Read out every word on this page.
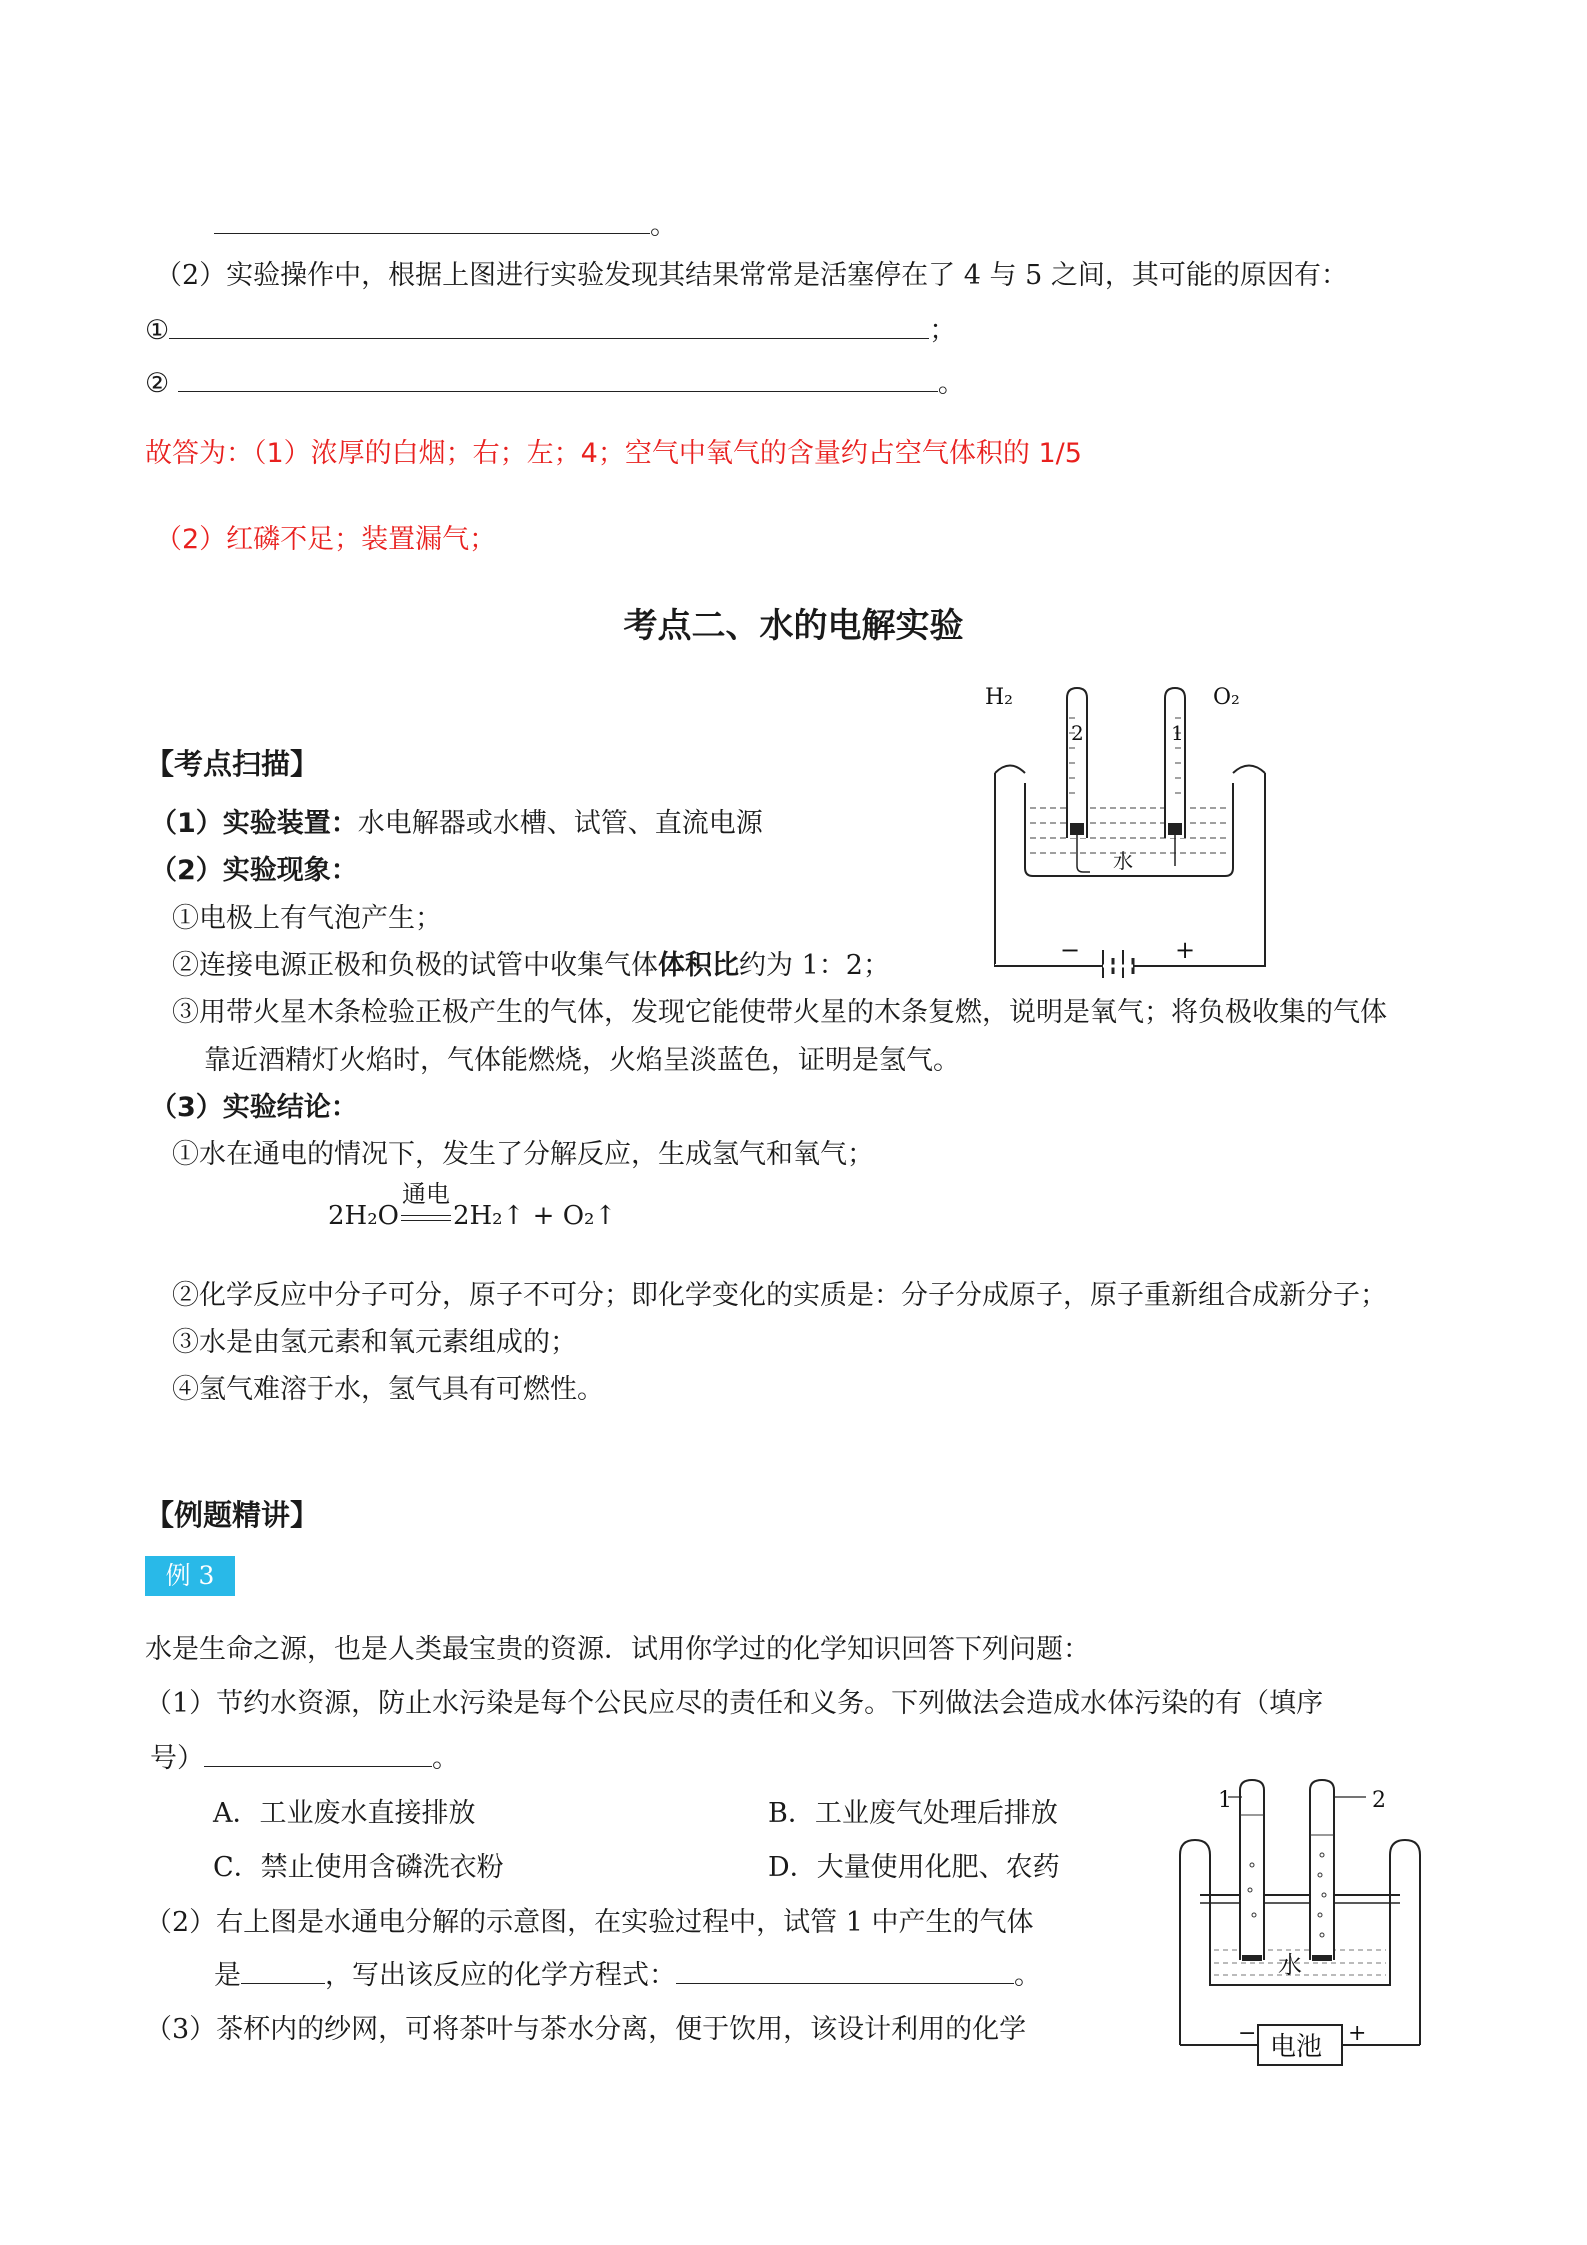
。
（2）实验操作中，根据上图进行实验发现其结果常常是活塞停在了 4 与 5 之间，其可能的原因有：
①	；
②	。
故答为：（1）浓厚的白烟；右；左；4；空气中氧气的含量约占空气体积的 1/5
（2）红磷不足；装置漏气；
考点二、水的电解实验
H₂	O₂
2	1
水
−	+
【考点扫描】
（1）实验装置：水电解器或水槽、试管、直流电源
（2）实验现象：
①电极上有气泡产生；
②连接电源正极和负极的试管中收集气体体积比约为 1：2；
③用带火星木条检验正极产生的气体，发现它能使带火星的木条复燃，说明是氧气；将负极收集的气体
靠近酒精灯火焰时，气体能燃烧，火焰呈淡蓝色，证明是氢气。
（3）实验结论：
①水在通电的情况下，发生了分解反应，生成氢气和氧气；
2H₂O
通电
2H₂↑ + O₂↑
②化学反应中分子可分，原子不可分；即化学变化的实质是：分子分成原子，原子重新组合成新分子；
③水是由氢元素和氧元素组成的；
④氢气难溶于水，氢气具有可燃性。
【例题精讲】
例 3
水是生命之源，也是人类最宝贵的资源．试用你学过的化学知识回答下列问题：
（1）节约水资源，防止水污染是每个公民应尽的责任和义务。下列做法会造成水体污染的有（填序
号）	。
A．工业废水直接排放	B．工业废气处理后排放
C．禁止使用含磷洗衣粉	D．大量使用化肥、农药
（2）右上图是水通电分解的示意图，在实验过程中，试管 1 中产生的气体
是	，写出该反应的化学方程式：	。
（3）茶杯内的纱网，可将茶叶与茶水分离，便于饮用，该设计利用的化学
1	2
水
电池
−	+
